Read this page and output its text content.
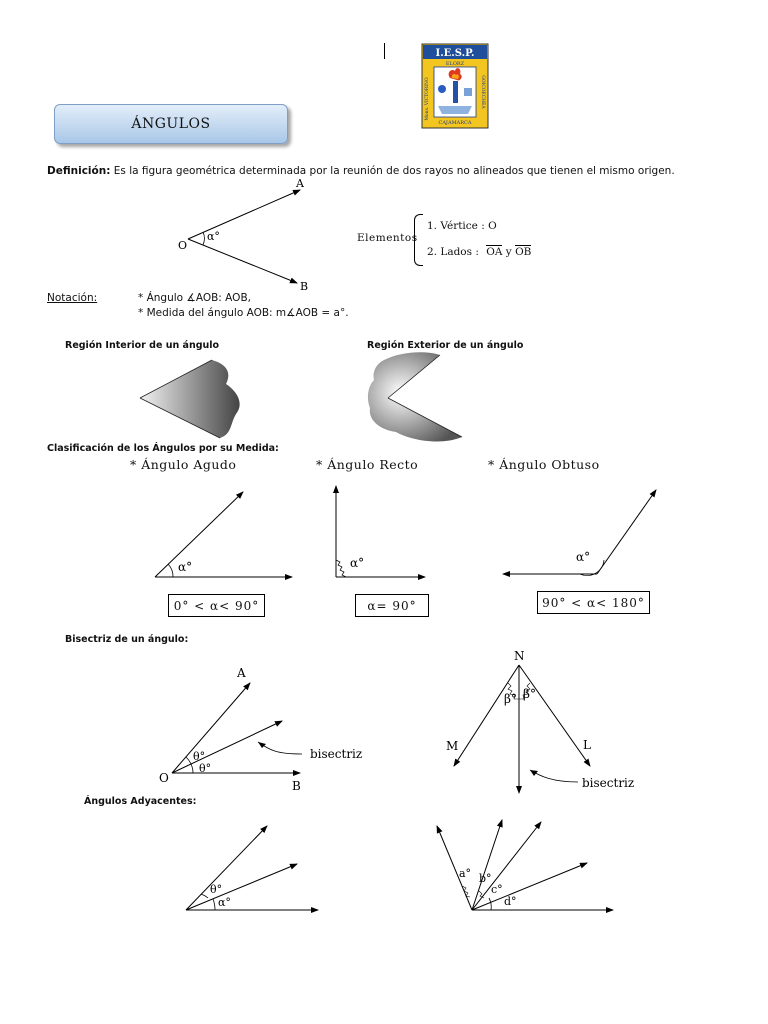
ÁNGULOS
I.E.S.P.
ELORZ
Mons. VICTORINO	GOICOECHEA
CAJAMARCA
Definición: Es la figura geométrica determinada por la reunión de dos rayos no alineados que tienen el mismo origen.
A
B
O
α°	Elementos
1. Vértice : O
2. Lados : OA y OB
Notación:	* Ángulo ∡AOB: AOB,
* Medida del ángulo AOB: m∡AOB = a°.
Región Interior de un ángulo	Región Exterior de un ángulo
Clasificación de los Ángulos por su Medida:
* Ángulo Agudo	* Ángulo Recto	* Ángulo Obtuso
α°	α°	α°
0° < α< 90°	α= 90°	90° < α< 180°
Bisectriz de un ángulo:
A
B
O
θ°
θ°
bisectriz
N
M	L
β° β°
bisectriz
Ángulos Adyacentes:
θ°
α°
a° b°
c°
d°
